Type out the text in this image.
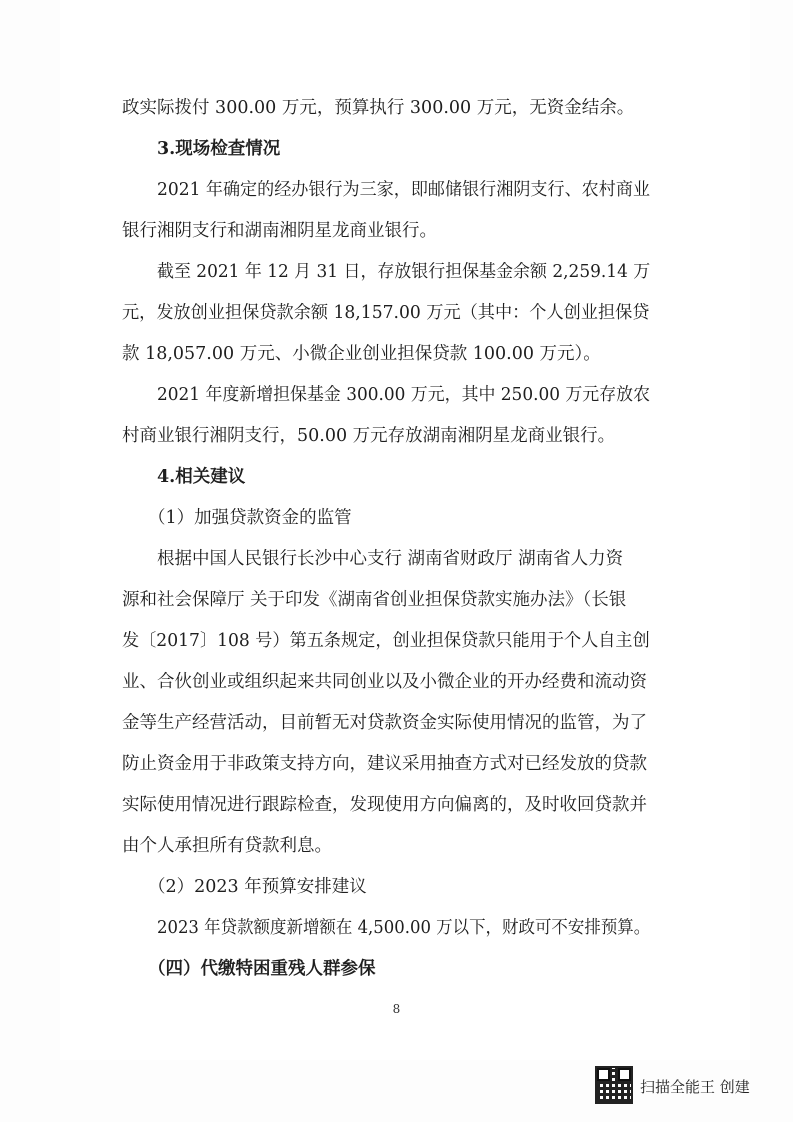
政实际拨付 300.00 万元，预算执行 300.00 万元，无资金结余。
3.现场检查情况
2021 年确定的经办银行为三家，即邮储银行湘阴支行、农村商业
银行湘阴支行和湖南湘阴星龙商业银行。
截至 2021 年 12 月 31 日，存放银行担保基金余额 2,259.14 万
元，发放创业担保贷款余额 18,157.00 万元（其中：个人创业担保贷
款 18,057.00 万元、小微企业创业担保贷款 100.00 万元）。
2021 年度新增担保基金 300.00 万元，其中 250.00 万元存放农
村商业银行湘阴支行，50.00 万元存放湖南湘阴星龙商业银行。
4.相关建议
（1）加强贷款资金的监管
根据中国人民银行长沙中心支行 湖南省财政厅 湖南省人力资
源和社会保障厅 关于印发《湖南省创业担保贷款实施办法》（长银
发〔2017〕108 号）第五条规定，创业担保贷款只能用于个人自主创
业、合伙创业或组织起来共同创业以及小微企业的开办经费和流动资
金等生产经营活动，目前暂无对贷款资金实际使用情况的监管，为了
防止资金用于非政策支持方向，建议采用抽查方式对已经发放的贷款
实际使用情况进行跟踪检查，发现使用方向偏离的，及时收回贷款并
由个人承担所有贷款利息。
（2）2023 年预算安排建议
2023 年贷款额度新增额在 4,500.00 万以下，财政可不安排预算。
（四）代缴特困重残人群参保
8
扫描全能王 创建
